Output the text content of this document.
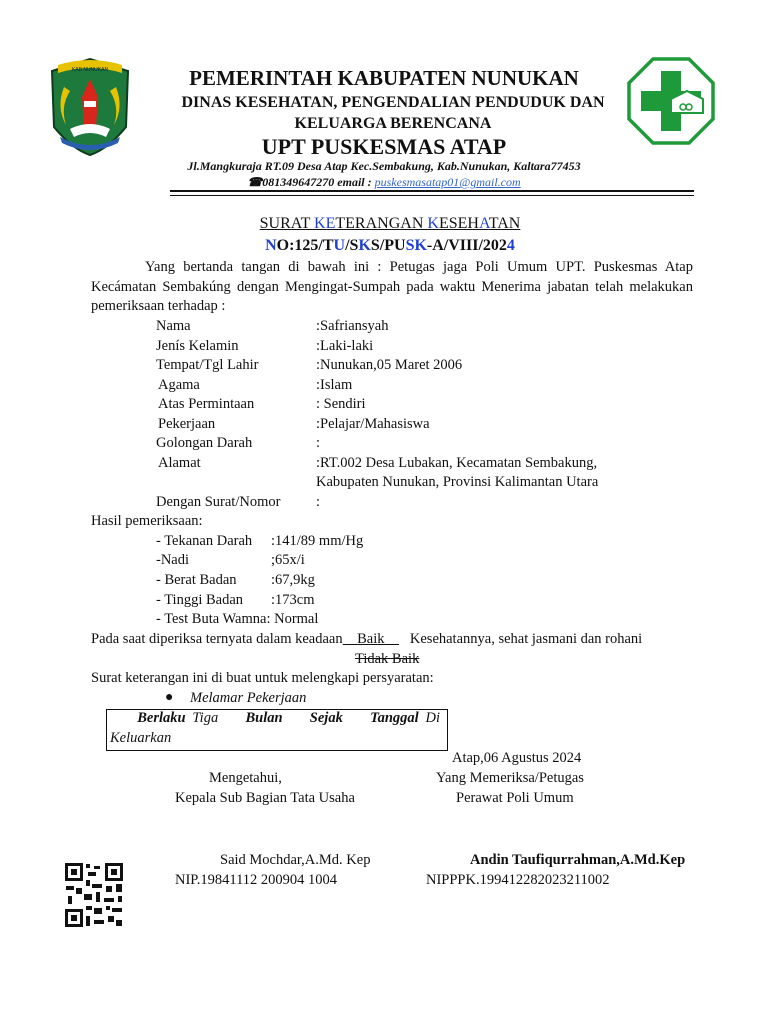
KAB NUNUKAN	PEMERINTAH KABUPATEN NUNUKAN
DINAS KESEHATAN, PENGENDALIAN PENDUDUK DAN KELUARGA BERENCANA
UPT PUSKESMAS ATAP
Jl.Mangkuraja RT.09 Desa Atap Kec.Sembakung, Kab.Nunukan, Kaltara77453
☎081349647270 email : puskesmasatap01@gmail.com
SURAT KETERANGAN KESEHATAN
NO:125/TU/SKS/PUSK-A/VIII/2024
Yang bertanda tangan di bawah ini : Petugas jaga Poli Umum UPT. Puskesmas Atap Kecámatan Sembakúng dengan Mengingat-Sumpah pada waktu Menerima jabatan telah melakukan pemeriksaan terhadap :
Nama	:Safriansyah
Jenís Kelamin	:Laki-laki
Tempat/Tgl Lahir	:Nunukan,05 Maret 2006
Agama	:Islam
Atas Permintaan	: Sendiri
Pekerjaan	:Pelajar/Mahasiswa
Golongan Darah	:
Alamat	:RT.002 Desa Lubakan, Kecamatan Sembakung,
Kabupaten Nunukan, Provinsi Kalimantan Utara
Dengan Surat/Nomor :
Hasil pemeriksaan:
- Tekanan Darah :141/89 mm/Hg
-Nadi	;65x/i
- Berat Badan :67,9kg
- Tinggi Badan :173cm
- Test Buta Wamna: Normal
Pada saat diperiksa ternyata dalam keadaan Baik Kesehatannya, sehat jasmani dan rohani
Tidak Baik
Surat keterangan ini di buat untuk melengkapi persyaratan:
● Melamar Pekerjaan
Berlaku Tiga    Bulan Sejak Tanggal Di Keluarkan
Atap,06 Agustus 2024
Mengetahui,	Yang Memeriksa/Petugas
Kepala Sub Bagian Tata Usaha	Perawat Poli Umum
Said Mochdar,A.Md. Kep	Andin Taufiqurrahman,A.Md.Kep
NIP.19841112 200904 1004	NIPPPK.199412282023211002
